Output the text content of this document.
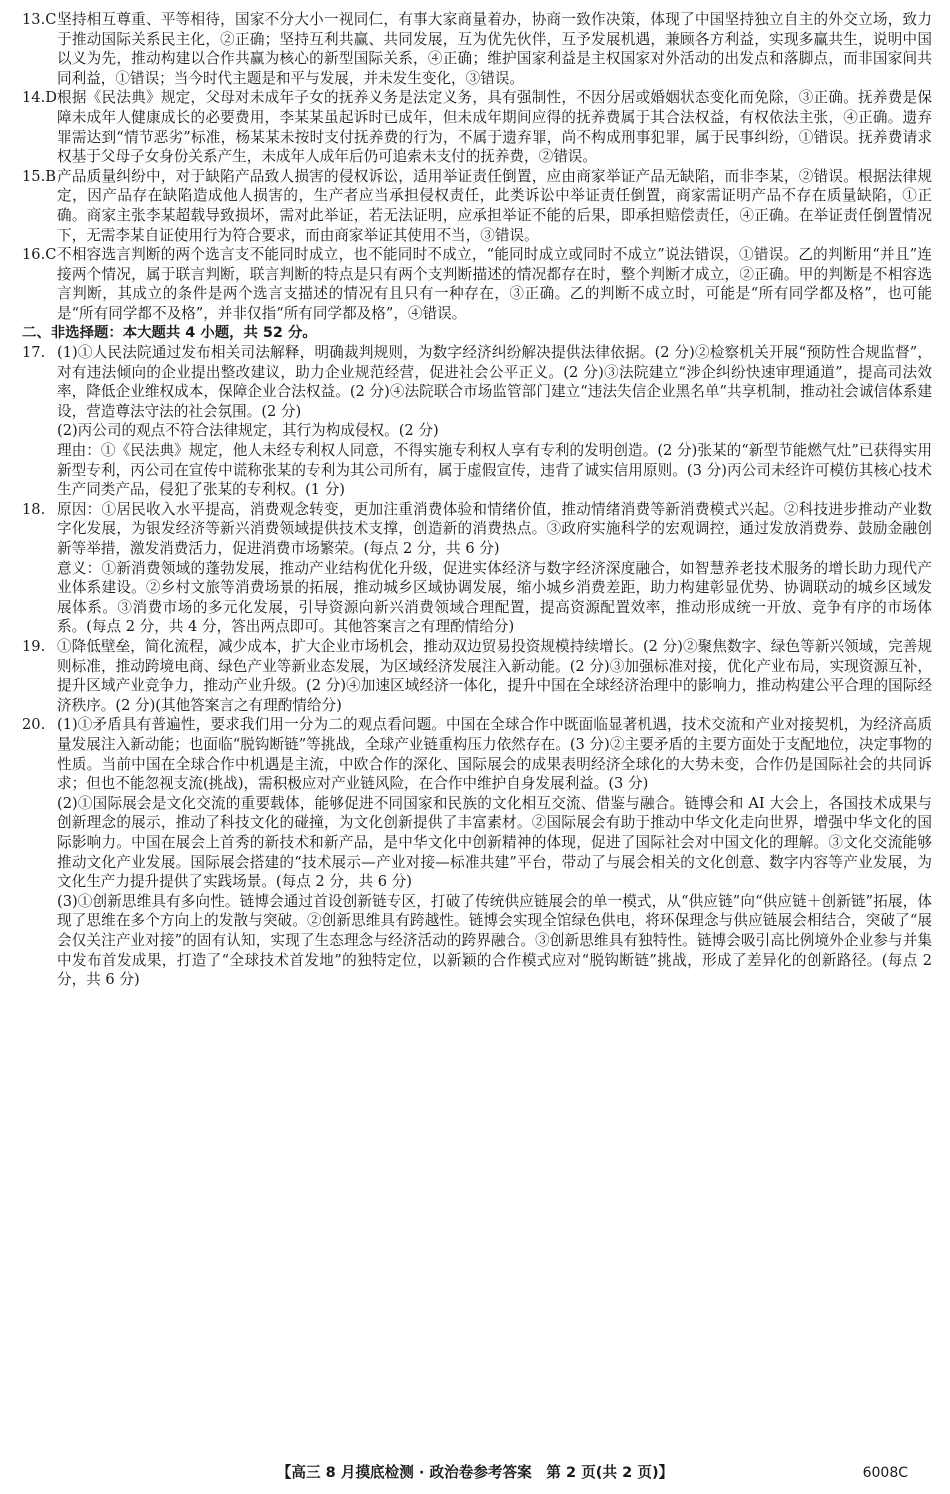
13.C 坚持相互尊重、平等相待，国家不分大小一视同仁，有事大家商量着办，协商一致作决策，体现了中国坚持独立自主的外交立场，致力于推动国际关系民主化，②正确；坚持互利共赢、共同发展，互为优先伙伴，互予发展机遇，兼顾各方利益，实现多赢共生，说明中国以义为先，推动构建以合作共赢为核心的新型国际关系，④正确；维护国家利益是主权国家对外活动的出发点和落脚点，而非国家间共同利益，①错误；当今时代主题是和平与发展，并未发生变化，③错误。

14.D 根据《民法典》规定，父母对未成年子女的抚养义务是法定义务，具有强制性，不因分居或婚姻状态变化而免除，③正确。抚养费是保障未成年人健康成长的必要费用，李某某虽起诉时已成年，但未成年期间应得的抚养费属于其合法权益，有权依法主张，④正确。遗弃罪需达到“情节恶劣”标准，杨某某未按时支付抚养费的行为，不属于遗弃罪，尚不构成刑事犯罪，属于民事纠纷，①错误。抚养费请求权基于父母子女身份关系产生，未成年人成年后仍可追索未支付的抚养费，②错误。

15.B 产品质量纠纷中，对于缺陷产品致人损害的侵权诉讼，适用举证责任倒置，应由商家举证产品无缺陷，而非李某，②错误。根据法律规定，因产品存在缺陷造成他人损害的，生产者应当承担侵权责任，此类诉讼中举证责任倒置，商家需证明产品不存在质量缺陷，①正确。商家主张李某超载导致损坏，需对此举证，若无法证明，应承担举证不能的后果，即承担赔偿责任，④正确。在举证责任倒置情况下，无需李某自证使用行为符合要求，而由商家举证其使用不当，③错误。

16.C 不相容选言判断的两个选言支不能同时成立，也不能同时不成立，“能同时成立或同时不成立”说法错误，①错误。乙的判断用“并且”连接两个情况，属于联言判断，联言判断的特点是只有两个支判断描述的情况都存在时，整个判断才成立，②正确。甲的判断是不相容选言判断，其成立的条件是两个选言支描述的情况有且只有一种存在，③正确。乙的判断不成立时，可能是“所有同学都及格”，也可能是“所有同学都不及格”，并非仅指“所有同学都及格”，④错误。

二、非选择题：本大题共 4 小题，共 52 分。

17. (1)①人民法院通过发布相关司法解释，明确裁判规则，为数字经济纠纷解决提供法律依据。(2 分)②检察机关开展“预防性合规监督”，对有违法倾向的企业提出整改建议，助力企业规范经营，促进社会公平正义。(2 分)③法院建立“涉企纠纷快速审理通道”，提高司法效率，降低企业维权成本，保障企业合法权益。(2 分)④法院联合市场监管部门建立“违法失信企业黑名单”共享机制，推动社会诚信体系建设，营造尊法守法的社会氛围。(2 分)

(2)丙公司的观点不符合法律规定，其行为构成侵权。(2 分)

理由：①《民法典》规定，他人未经专利权人同意，不得实施专利权人享有专利的发明创造。(2 分)张某的“新型节能燃气灶”已获得实用新型专利，丙公司在宣传中谎称张某的专利为其公司所有，属于虚假宣传，违背了诚实信用原则。(3 分)丙公司未经许可模仿其核心技术生产同类产品，侵犯了张某的专利权。(1 分)

18. 原因：①居民收入水平提高，消费观念转变，更加注重消费体验和情绪价值，推动情绪消费等新消费模式兴起。②科技进步推动产业数字化发展，为银发经济等新兴消费领域提供技术支撑，创造新的消费热点。③政府实施科学的宏观调控，通过发放消费券、鼓励金融创新等举措，激发消费活力，促进消费市场繁荣。(每点 2 分，共 6 分)

意义：①新消费领域的蓬勃发展，推动产业结构优化升级，促进实体经济与数字经济深度融合，如智慧养老技术服务的增长助力现代产业体系建设。②乡村文旅等消费场景的拓展，推动城乡区域协调发展，缩小城乡消费差距，助力构建彰显优势、协调联动的城乡区域发展体系。③消费市场的多元化发展，引导资源向新兴消费领域合理配置，提高资源配置效率，推动形成统一开放、竞争有序的市场体系。(每点 2 分，共 4 分，答出两点即可。其他答案言之有理酌情给分)

19. ①降低壁垒，简化流程，减少成本，扩大企业市场机会，推动双边贸易投资规模持续增长。(2 分)②聚焦数字、绿色等新兴领域，完善规则标准，推动跨境电商、绿色产业等新业态发展，为区域经济发展注入新动能。(2 分)③加强标准对接，优化产业布局，实现资源互补，提升区域产业竞争力，推动产业升级。(2 分)④加速区域经济一体化，提升中国在全球经济治理中的影响力，推动构建公平合理的国际经济秩序。(2 分)(其他答案言之有理酌情给分)

20. (1)①矛盾具有普遍性，要求我们用一分为二的观点看问题。中国在全球合作中既面临显著机遇，技术交流和产业对接契机，为经济高质量发展注入新动能；也面临“脱钩断链”等挑战，全球产业链重构压力依然存在。(3 分)②主要矛盾的主要方面处于支配地位，决定事物的性质。当前中国在全球合作中机遇是主流，中欧合作的深化、国际展会的成果表明经济全球化的大势未变，合作仍是国际社会的共同诉求；但也不能忽视支流(挑战)，需积极应对产业链风险，在合作中维护自身发展利益。(3 分)

(2)①国际展会是文化交流的重要载体，能够促进不同国家和民族的文化相互交流、借鉴与融合。链博会和 AI 大会上，各国技术成果与创新理念的展示，推动了科技文化的碰撞，为文化创新提供了丰富素材。②国际展会有助于推动中华文化走向世界，增强中华文化的国际影响力。中国在展会上首秀的新技术和新产品，是中华文化中创新精神的体现，促进了国际社会对中国文化的理解。③文化交流能够推动文化产业发展。国际展会搭建的“技术展示—产业对接—标准共建”平台，带动了与展会相关的文化创意、数字内容等产业发展，为文化生产力提升提供了实践场景。(每点 2 分，共 6 分)

(3)①创新思维具有多向性。链博会通过首设创新链专区，打破了传统供应链展会的单一模式，从“供应链”向“供应链＋创新链”拓展，体现了思维在多个方向上的发散与突破。②创新思维具有跨越性。链博会实现全馆绿色供电，将环保理念与供应链展会相结合，突破了“展会仅关注产业对接”的固有认知，实现了生态理念与经济活动的跨界融合。③创新思维具有独特性。链博会吸引高比例境外企业参与并集中发布首发成果，打造了“全球技术首发地”的独特定位，以新颖的合作模式应对“脱钩断链”挑战，形成了差异化的创新路径。(每点 2 分，共 6 分)

【高三 8 月摸底检测 · 政治卷参考答案　第 2 页(共 2 页)】	6008C
